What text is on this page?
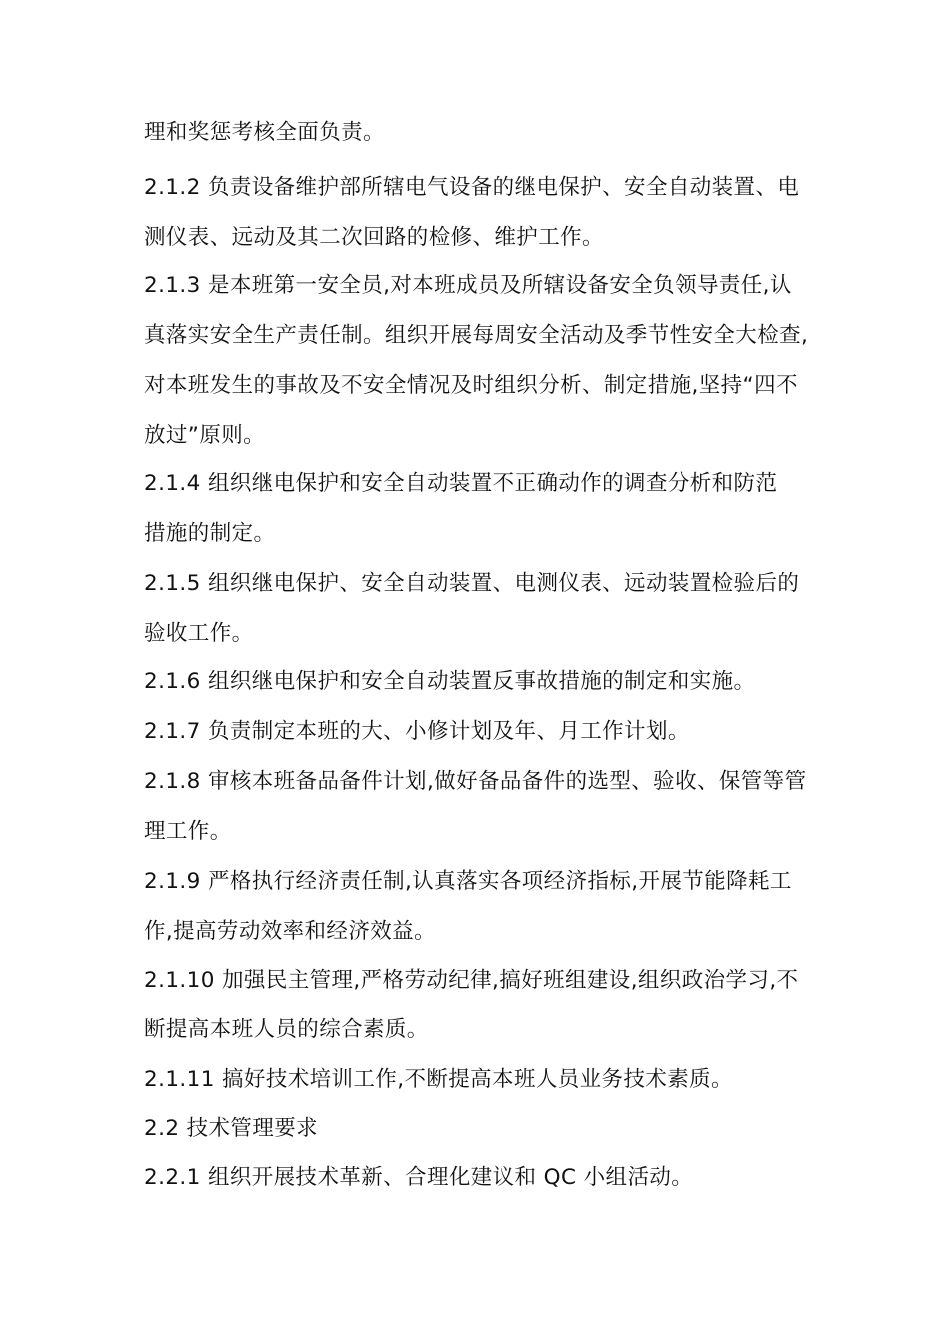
理和奖惩考核全面负责。
2.1.2 负责设备维护部所辖电气设备的继电保护、安全自动装置、电
测仪表、远动及其二次回路的检修、维护工作。
2.1.3 是本班第一安全员,对本班成员及所辖设备安全负领导责任,认
真落实安全生产责任制。组织开展每周安全活动及季节性安全大检查,
对本班发生的事故及不安全情况及时组织分析、制定措施,坚持“四不
放过”原则。
2.1.4 组织继电保护和安全自动装置不正确动作的调查分析和防范
措施的制定。
2.1.5 组织继电保护、安全自动装置、电测仪表、远动装置检验后的
验收工作。
2.1.6 组织继电保护和安全自动装置反事故措施的制定和实施。
2.1.7 负责制定本班的大、小修计划及年、月工作计划。
2.1.8 审核本班备品备件计划,做好备品备件的选型、验收、保管等管
理工作。
2.1.9 严格执行经济责任制,认真落实各项经济指标,开展节能降耗工
作,提高劳动效率和经济效益。
2.1.10 加强民主管理,严格劳动纪律,搞好班组建设,组织政治学习,不
断提高本班人员的综合素质。
2.1.11 搞好技术培训工作,不断提高本班人员业务技术素质。
2.2 技术管理要求
2.2.1 组织开展技术革新、合理化建议和 QC 小组活动。
